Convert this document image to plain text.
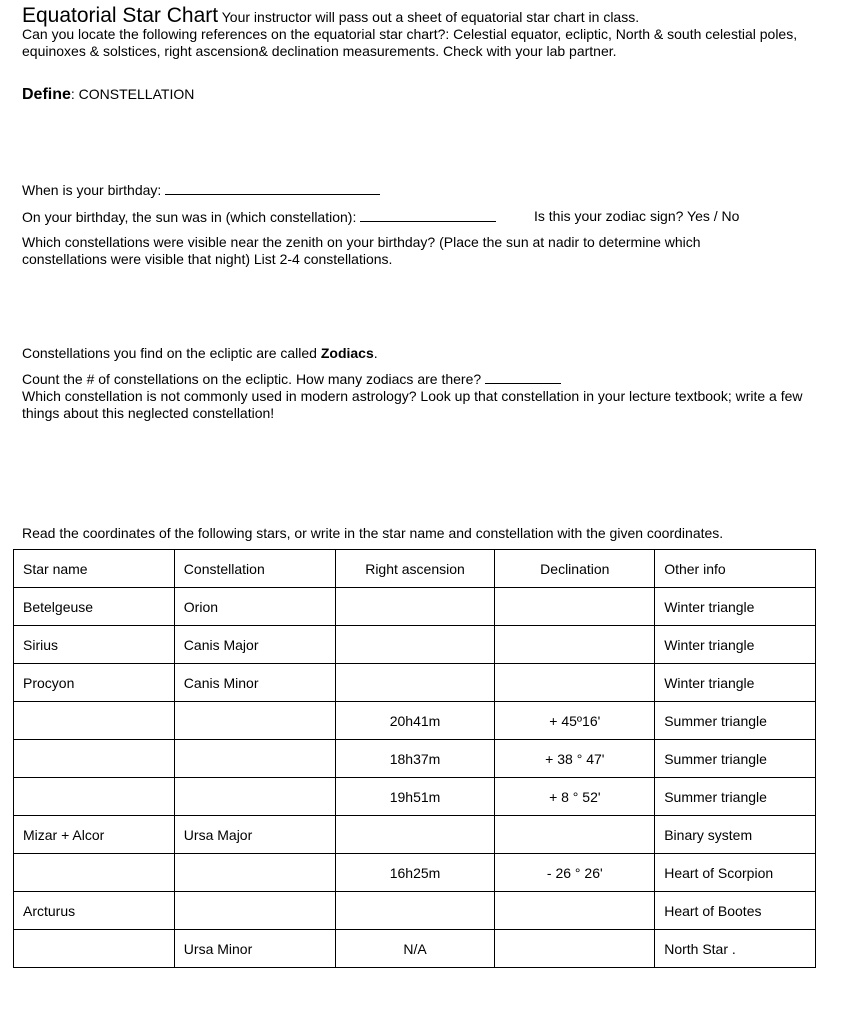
Equatorial Star Chart Your instructor will pass out a sheet of equatorial star chart in class.
Can you locate the following references on the equatorial star chart?: Celestial equator, ecliptic, North & south celestial poles, equinoxes & solstices, right ascension& declination measurements. Check with your lab partner.
Define: CONSTELLATION
When is your birthday:
On your birthday, the sun was in (which constellation):	Is this your zodiac sign? Yes / No
Which constellations were visible near the zenith on your birthday? (Place the sun at nadir to determine which constellations were visible that night) List 2-4 constellations.
Constellations you find on the ecliptic are called Zodiacs.
Count the # of constellations on the ecliptic. How many zodiacs are there?
Which constellation is not commonly used in modern astrology? Look up that constellation in your lecture textbook; write a few things about this neglected constellation!
Read the coordinates of the following stars, or write in the star name and constellation with the given coordinates.
Star name	Constellation	Right ascension	Declination	Other info
Betelgeuse	Orion			Winter triangle
Sirius	Canis Major			Winter triangle
Procyon	Canis Minor			Winter triangle
		20h41m	+ 45º16'	Summer triangle
		18h37m	+ 38 ° 47'	Summer triangle
		19h51m	+ 8 ° 52'	Summer triangle
Mizar + Alcor	Ursa Major			Binary system
		16h25m	- 26 ° 26'	Heart of Scorpion
Arcturus				Heart of Bootes
	Ursa Minor	N/A		North Star .
